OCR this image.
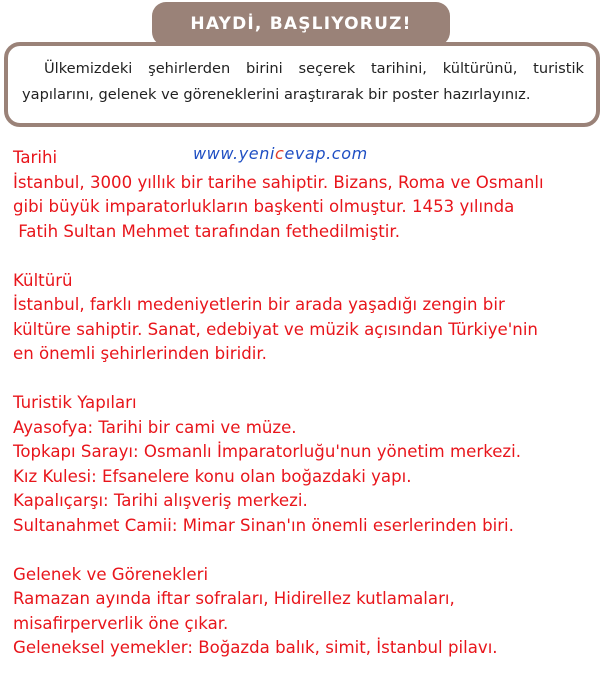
HAYDİ, BAŞLIYORUZ!

Ülkemizdeki şehirlerden birini seçerek tarihini, kültürünü, turistik yapılarını, gelenek ve göreneklerini araştırarak bir poster hazırlayınız.

www.yenicevap.com
Tarihi
İstanbul, 3000 yıllık bir tarihe sahiptir. Bizans, Roma ve Osmanlı
gibi büyük imparatorlukların başkenti olmuştur. 1453 yılında
Fatih Sultan Mehmet tarafından fethedilmiştir.
Kültürü
İstanbul, farklı medeniyetlerin bir arada yaşadığı zengin bir
kültüre sahiptir. Sanat, edebiyat ve müzik açısından Türkiye'nin
en önemli şehirlerinden biridir.
Turistik Yapıları
Ayasofya: Tarihi bir cami ve müze.
Topkapı Sarayı: Osmanlı İmparatorluğu'nun yönetim merkezi.
Kız Kulesi: Efsanelere konu olan boğazdaki yapı.
Kapalıçarşı: Tarihi alışveriş merkezi.
Sultanahmet Camii: Mimar Sinan'ın önemli eserlerinden biri.
Gelenek ve Görenekleri
Ramazan ayında iftar sofraları, Hidirellez kutlamaları,
misafirperverlik öne çıkar.
Geleneksel yemekler: Boğazda balık, simit, İstanbul pilavı.
